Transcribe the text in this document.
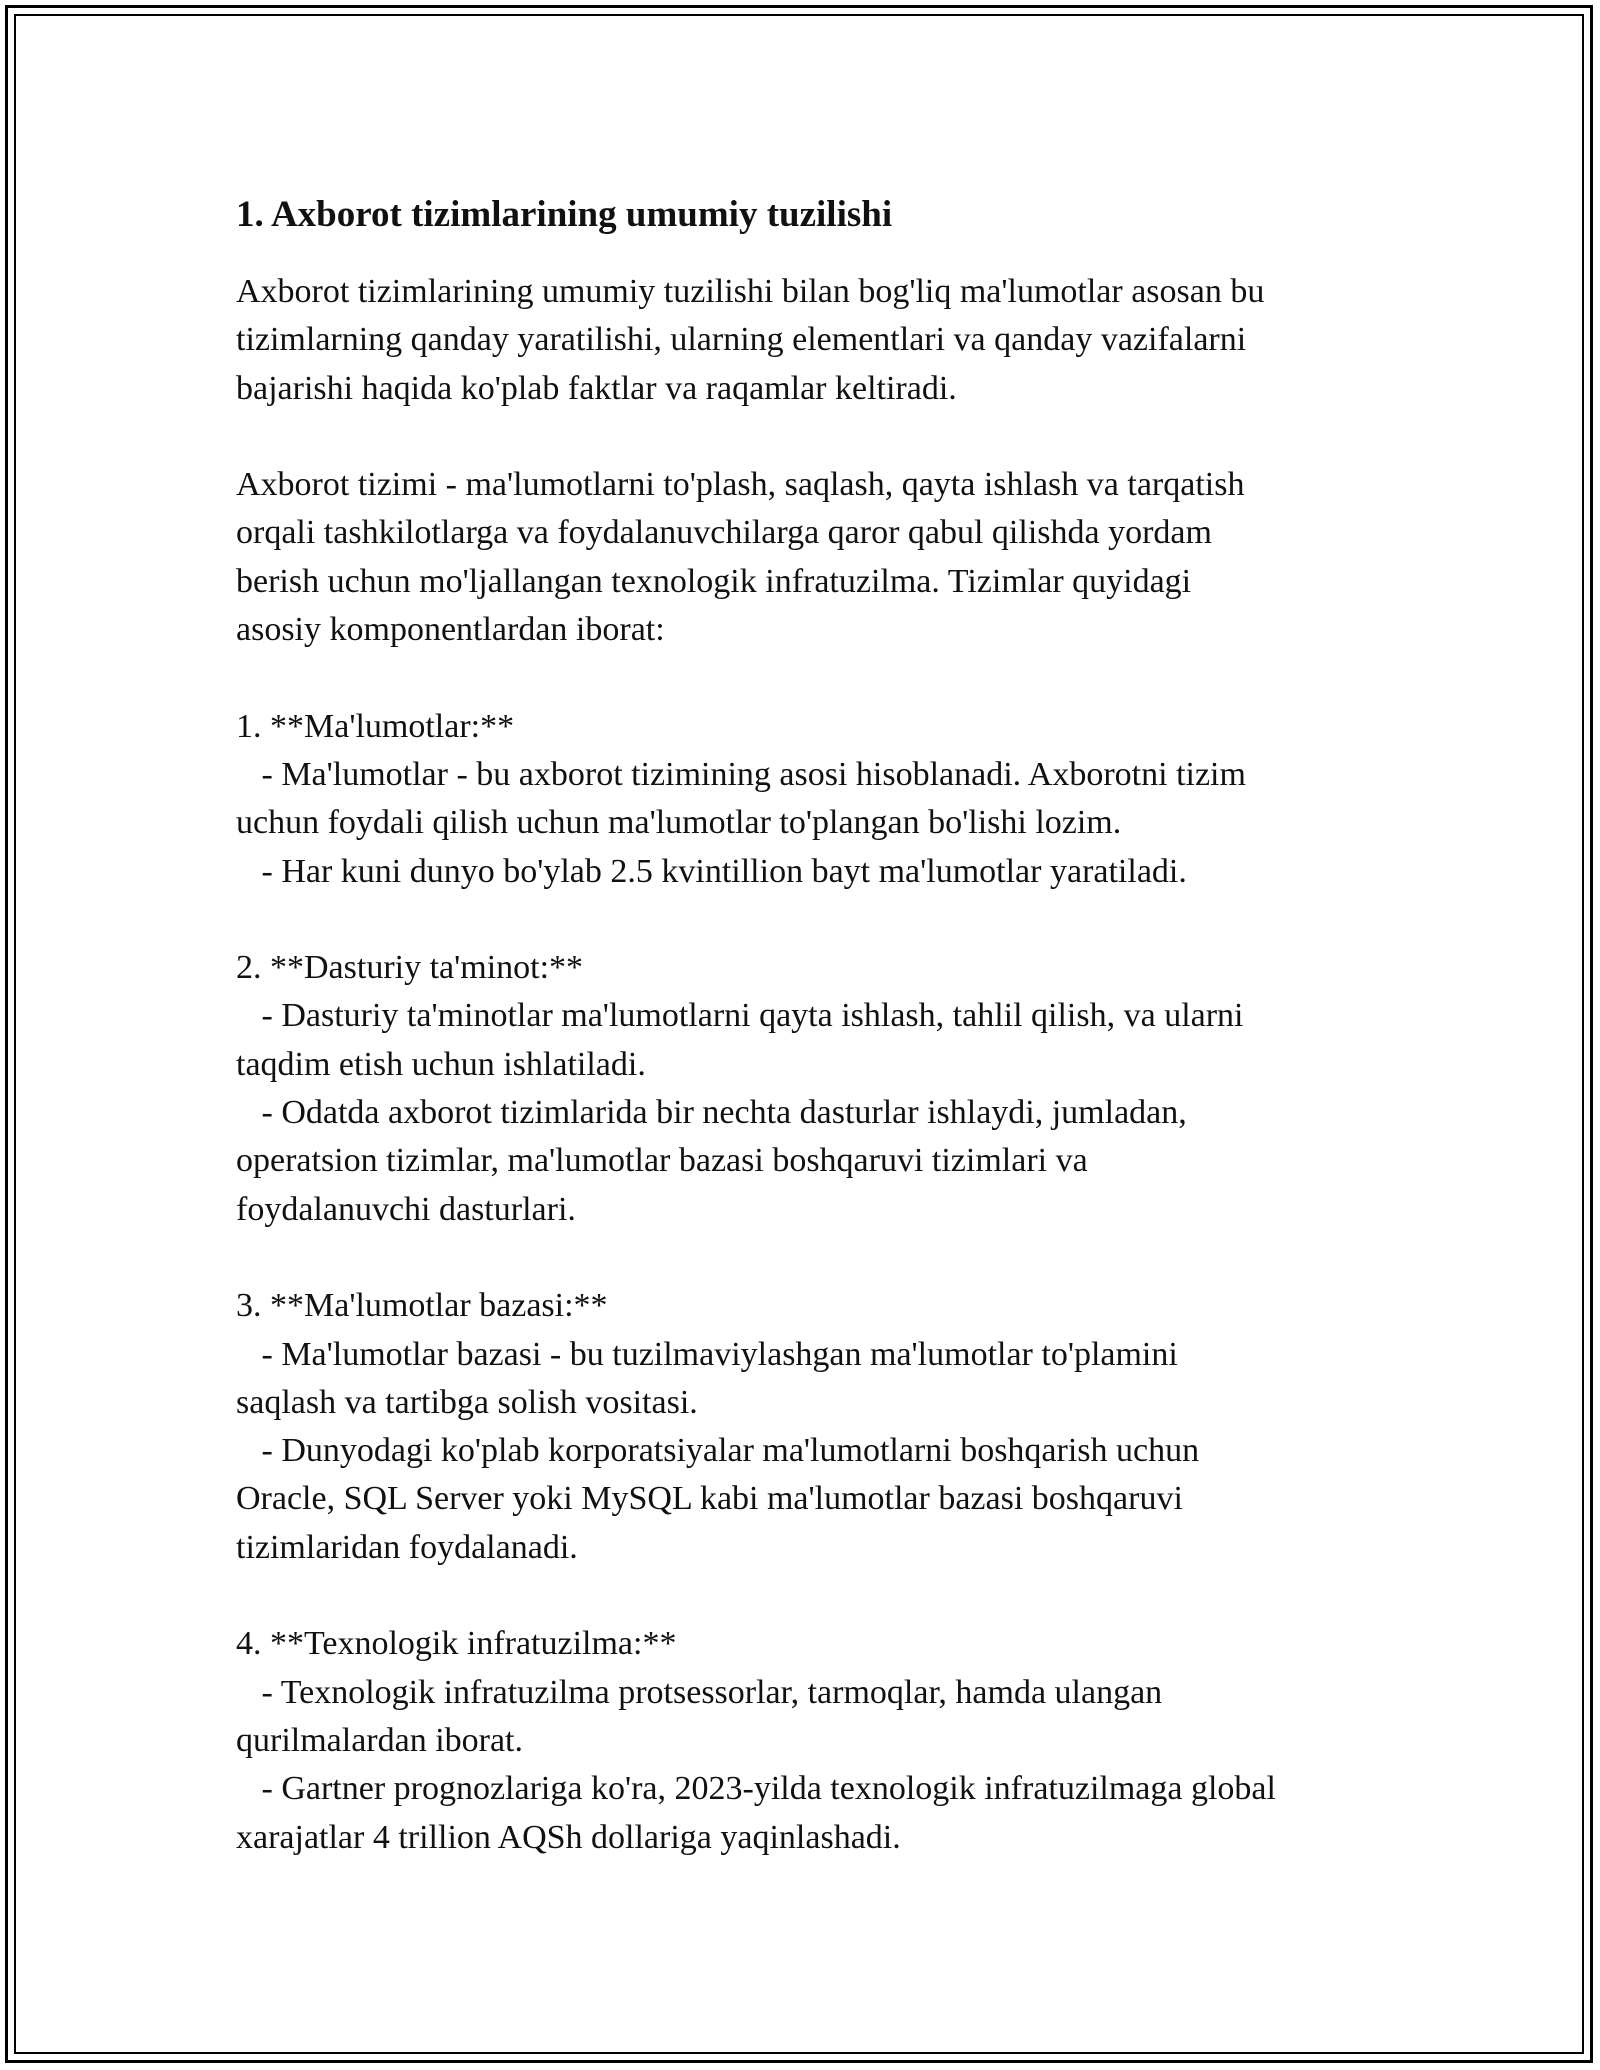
1. Axborot tizimlarining umumiy tuzilishi
Axborot tizimlarining umumiy tuzilishi bilan bog'liq ma'lumotlar asosan bu
tizimlarning qanday yaratilishi, ularning elementlari va qanday vazifalarni
bajarishi haqida ko'plab faktlar va raqamlar keltiradi.
Axborot tizimi - ma'lumotlarni to'plash, saqlash, qayta ishlash va tarqatish
orqali tashkilotlarga va foydalanuvchilarga qaror qabul qilishda yordam
berish uchun mo'ljallangan texnologik infratuzilma. Tizimlar quyidagi
asosiy komponentlardan iborat:
1. **Ma'lumotlar:**
- Ma'lumotlar - bu axborot tizimining asosi hisoblanadi. Axborotni tizim
uchun foydali qilish uchun ma'lumotlar to'plangan bo'lishi lozim.
- Har kuni dunyo bo'ylab 2.5 kvintillion bayt ma'lumotlar yaratiladi.
2. **Dasturiy ta'minot:**
- Dasturiy ta'minotlar ma'lumotlarni qayta ishlash, tahlil qilish, va ularni
taqdim etish uchun ishlatiladi.
- Odatda axborot tizimlarida bir nechta dasturlar ishlaydi, jumladan,
operatsion tizimlar, ma'lumotlar bazasi boshqaruvi tizimlari va
foydalanuvchi dasturlari.
3. **Ma'lumotlar bazasi:**
- Ma'lumotlar bazasi - bu tuzilmaviylashgan ma'lumotlar to'plamini
saqlash va tartibga solish vositasi.
- Dunyodagi ko'plab korporatsiyalar ma'lumotlarni boshqarish uchun
Oracle, SQL Server yoki MySQL kabi ma'lumotlar bazasi boshqaruvi
tizimlaridan foydalanadi.
4. **Texnologik infratuzilma:**
- Texnologik infratuzilma protsessorlar, tarmoqlar, hamda ulangan
qurilmalardan iborat.
- Gartner prognozlariga ko'ra, 2023-yilda texnologik infratuzilmaga global
xarajatlar 4 trillion AQSh dollariga yaqinlashadi.
